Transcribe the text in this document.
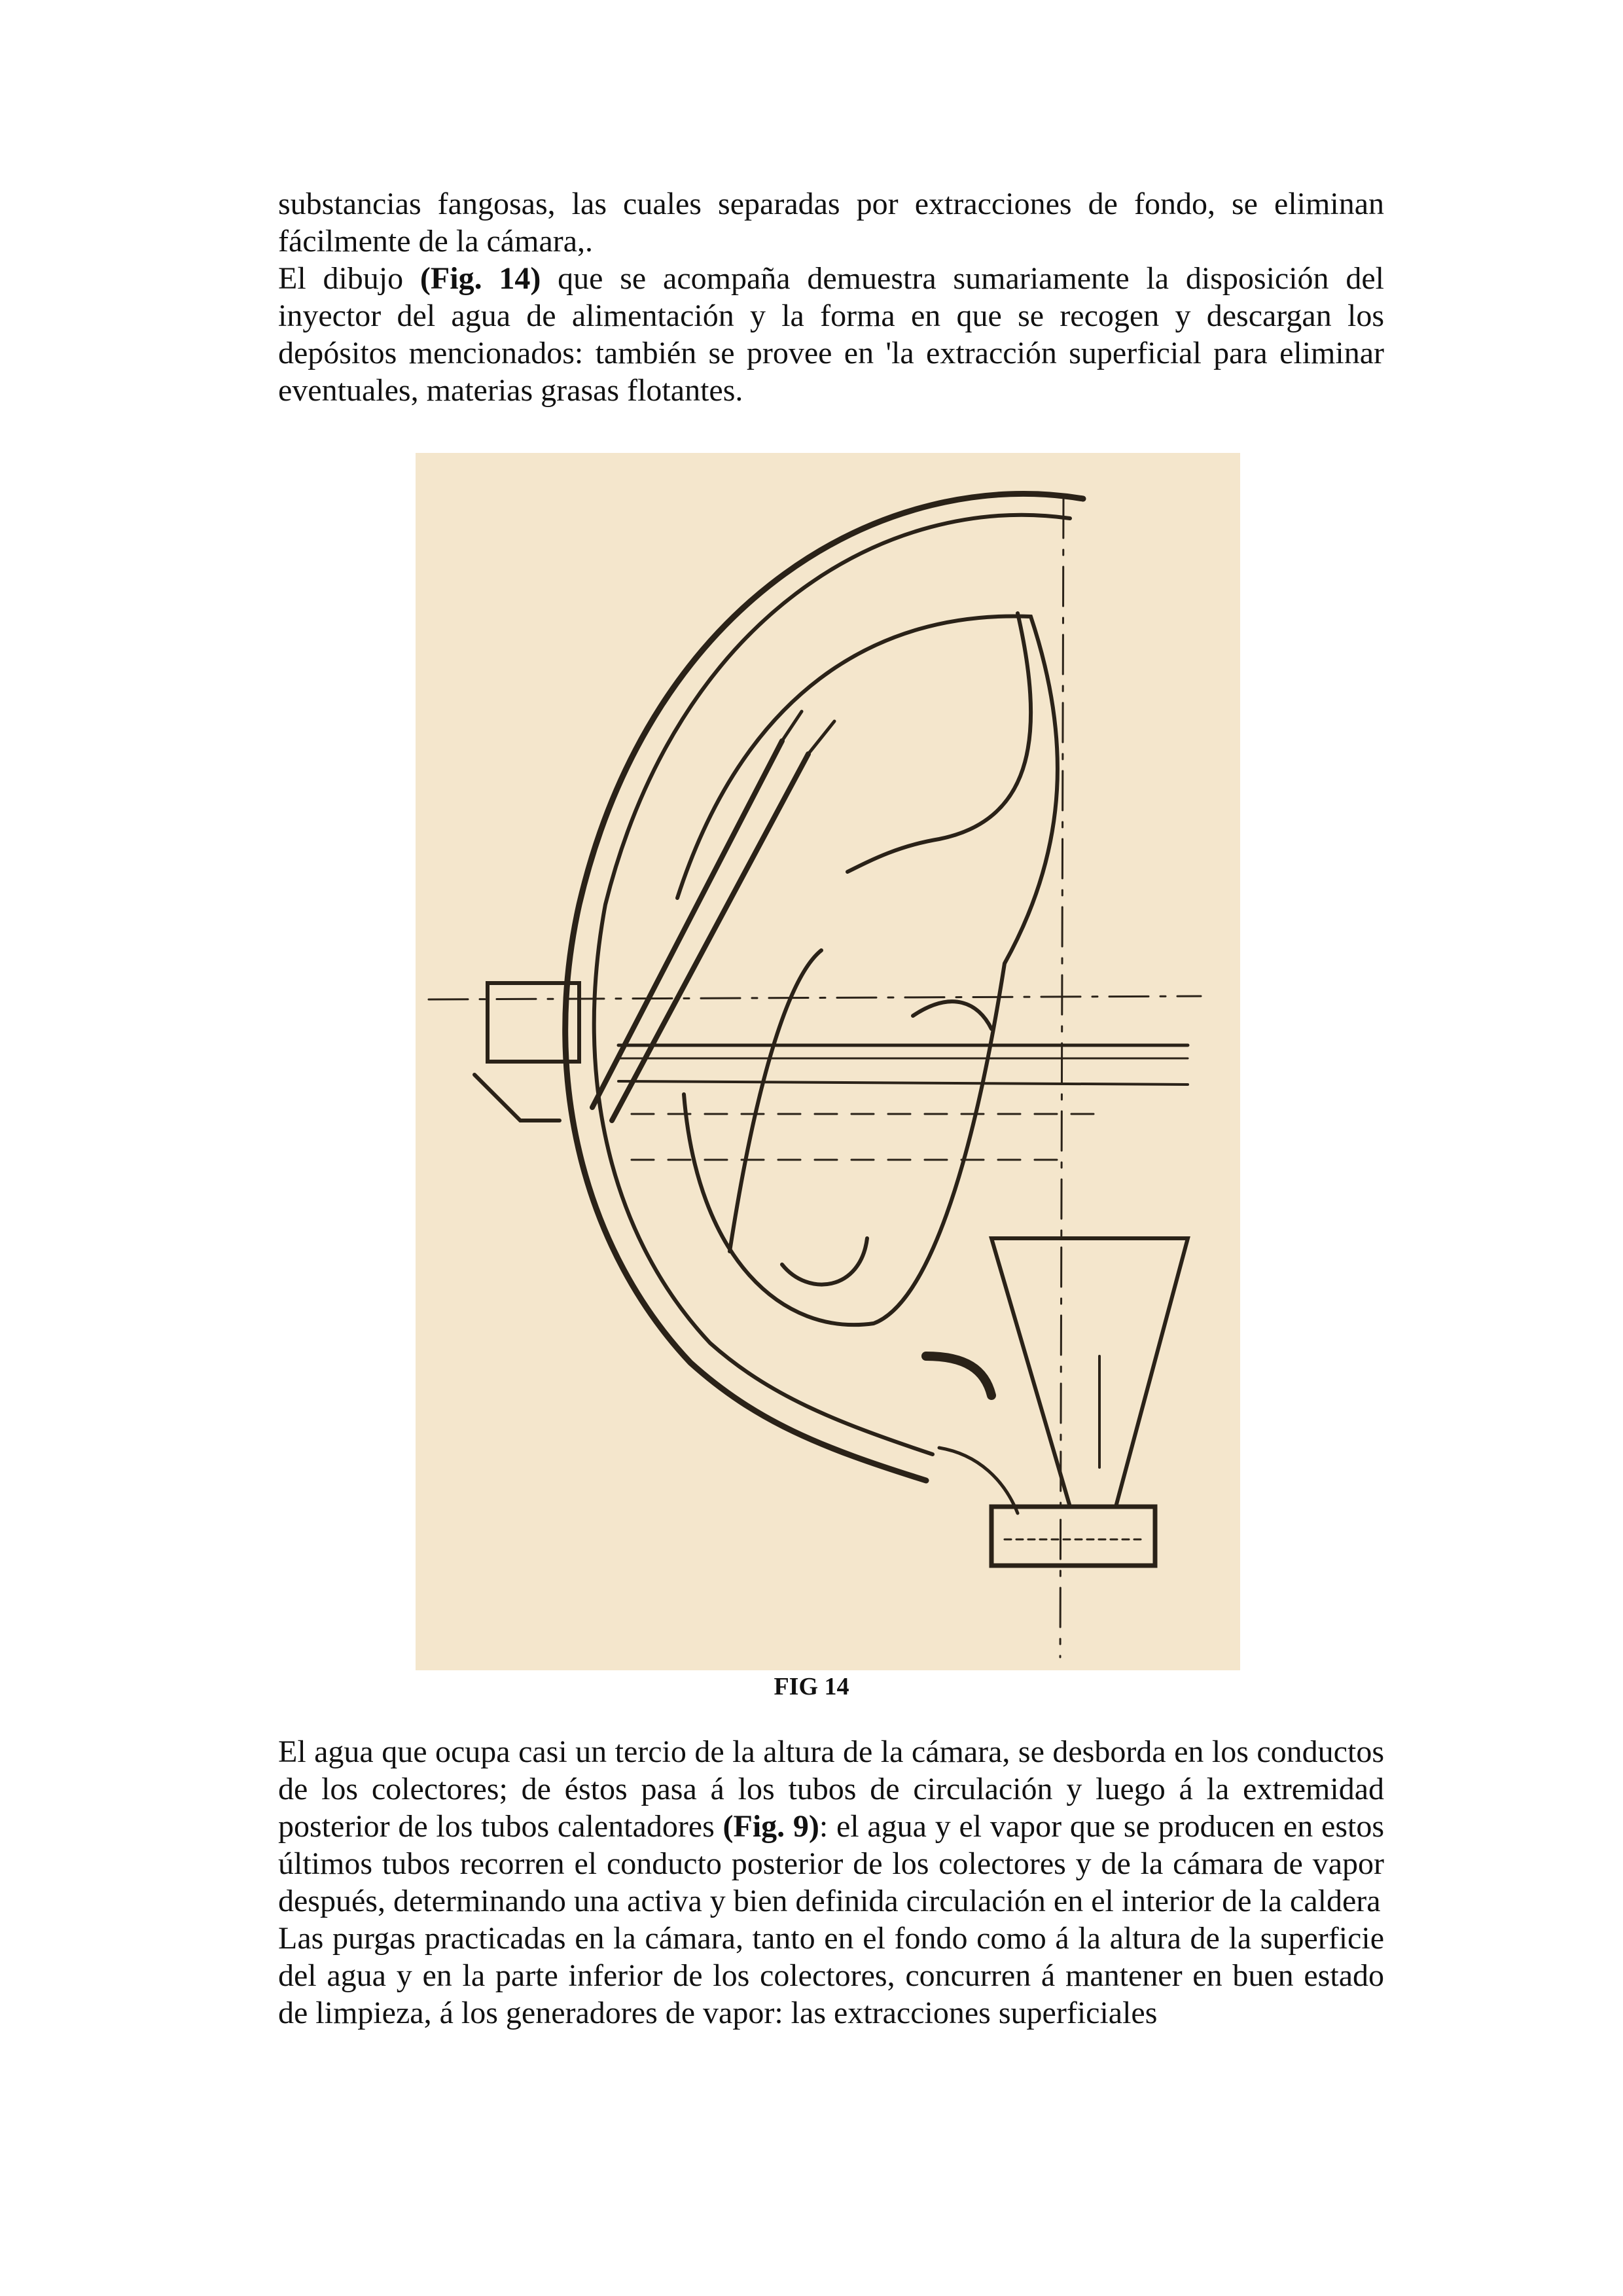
substancias fangosas, las cuales separadas por extracciones de fondo, se eliminan fácilmente de la cámara,.

El dibujo (Fig. 14) que se acompaña demuestra sumariamente la disposición del inyector del agua de alimentación y la forma en que se recogen y descargan los depósitos mencionados: también se provee en 'la extracción superficial para eliminar eventuales, materias grasas flotantes.

FIG 14

El agua que ocupa casi un tercio de la altura de la cámara, se desborda en los conductos de los colectores; de éstos pasa á los tubos de circulación y luego á la extremidad posterior de los tubos calentadores (Fig. 9): el agua y el vapor que se producen en estos últimos tubos recorren el conducto posterior de los colectores y de la cámara de vapor después, determinando una activa y bien definida circulación en el interior de la caldera

Las purgas practicadas en la cámara, tanto en el fondo como á la altura de la superficie del agua y en la parte inferior de los colectores, concurren á mantener en buen estado de limpieza, á los generadores de vapor: las extracciones superficiales
